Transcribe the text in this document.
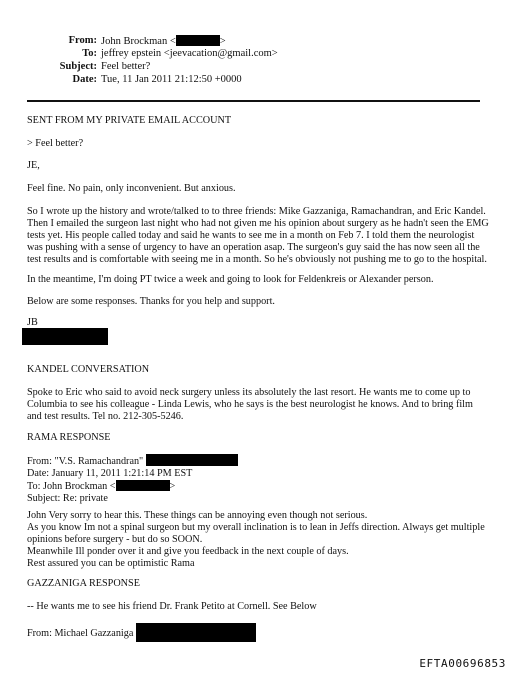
From: John Brockman <	>
To: jeffrey epstein <jeevacation@gmail.com>
Subject: Feel better?
Date: Tue, 11 Jan 2011 21:12:50 +0000

SENT FROM MY PRIVATE EMAIL ACCOUNT

> Feel better?

JE,

Feel fine. No pain, only inconvenient. But anxious.

So I wrote up the history and wrote/talked to to three friends: Mike Gazzaniga, Ramachandran, and Eric Kandel.
Then I emailed the surgeon last night who had not given me his opinion about surgery as he hadn't seen the EMG
tests yet. His people called today and said he wants to see me in a month on Feb 7. I told them the neurologist
was pushing with a sense of urgency to have an operation asap. The surgeon's guy said the has now seen all the
test results and is comfortable with seeing me in a month. So he's obviously not pushing me to go to the hospital.

In the meantime, I'm doing PT twice a week and going to look for Feldenkreis or Alexander person.

Below are some responses. Thanks for you help and support.

JB

KANDEL CONVERSATION

Spoke to Eric who said to avoid neck surgery unless its absolutely the last resort. He wants me to come up to
Columbia to see his colleague - Linda Lewis, who he says is the best neurologist he knows. And to bring film
and test results. Tel no. 212-305-5246.

RAMA RESPONSE

From: "V.S. Ramachandran"
Date: January 11, 2011 1:21:14 PM EST
To: John Brockman <	>
Subject: Re: private

John Very sorry to hear this. These things can be annoying even though not serious.
As you know Im not a spinal surgeon but my overall inclination is to lean in Jeffs direction. Always get multiple
opinions before surgery - but do so SOON.
Meanwhile Ill ponder over it and give you feedback in the next couple of days.
Rest assured you can be optimistic Rama

GAZZANIGA RESPONSE

-- He wants me to see his friend Dr. Frank Petito at Cornell. See Below

From: Michael Gazzaniga

EFTA00696853
